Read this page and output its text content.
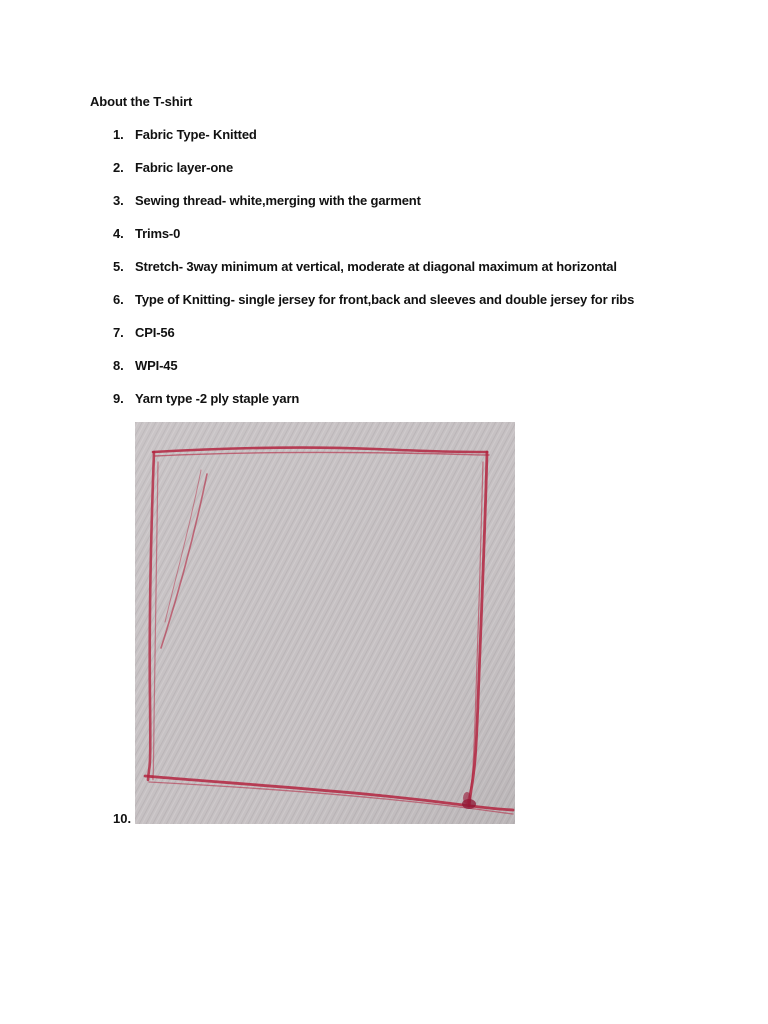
About the T-shirt
1. Fabric Type- Knitted
2. Fabric layer-one
3. Sewing thread- white,merging with the garment
4. Trims-0
5. Stretch- 3way minimum at vertical, moderate at diagonal maximum at horizontal
6. Type of Knitting- single jersey for front,back and sleeves and double jersey for ribs
7. CPI-56
8. WPI-45
9. Yarn type -2 ply staple yarn
10.
